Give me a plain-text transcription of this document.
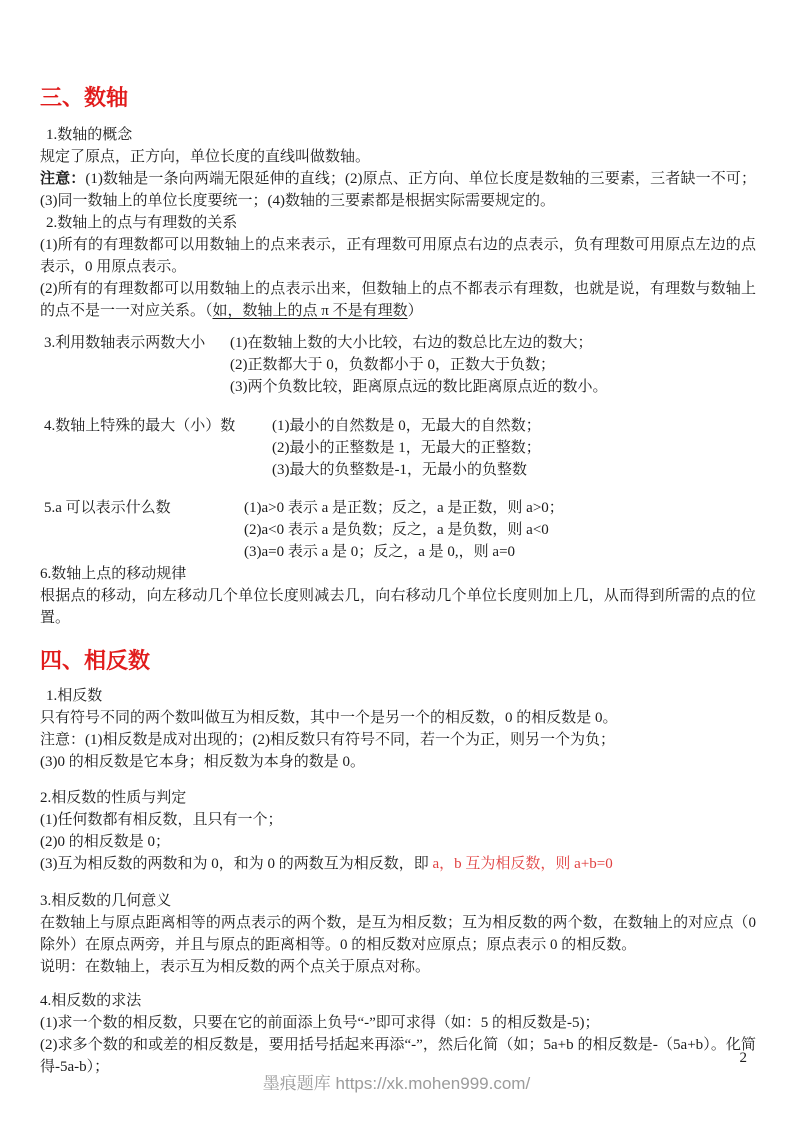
三、数轴

1.数轴的概念

规定了原点，正方向，单位长度的直线叫做数轴。

注意：(1)数轴是一条向两端无限延伸的直线；(2)原点、正方向、单位长度是数轴的三要素，三者缺一不可；(3)同一数轴上的单位长度要统一；(4)数轴的三要素都是根据实际需要规定的。

2.数轴上的点与有理数的关系

(1)所有的有理数都可以用数轴上的点来表示，正有理数可用原点右边的点表示，负有理数可用原点左边的点表示，0 用原点表示。

(2)所有的有理数都可以用数轴上的点表示出来，但数轴上的点不都表示有理数，也就是说，有理数与数轴上的点不是一一对应关系。（如，数轴上的点 π 不是有理数）

3.利用数轴表示两数大小	(1)在数轴上数的大小比较，右边的数总比左边的数大；
(2)正数都大于 0，负数都小于 0，正数大于负数；
(3)两个负数比较，距离原点远的数比距离原点近的数小。
4.数轴上特殊的最大（小）数	(1)最小的自然数是 0，无最大的自然数；
(2)最小的正整数是 1，无最大的正整数；
(3)最大的负整数是-1，无最小的负整数
5.a 可以表示什么数	(1)a>0 表示 a 是正数；反之，a 是正数，则 a>0；
(2)a<0 表示 a 是负数；反之，a 是负数，则 a<0
(3)a=0 表示 a 是 0；反之，a 是 0,，则 a=0

6.数轴上点的移动规律

根据点的移动，向左移动几个单位长度则减去几，向右移动几个单位长度则加上几，从而得到所需的点的位置。

四、相反数

1.相反数

只有符号不同的两个数叫做互为相反数，其中一个是另一个的相反数，0 的相反数是 0。

注意：(1)相反数是成对出现的；(2)相反数只有符号不同，若一个为正，则另一个为负；

(3)0 的相反数是它本身；相反数为本身的数是 0。

2.相反数的性质与判定

(1)任何数都有相反数，且只有一个；

(2)0 的相反数是 0；

(3)互为相反数的两数和为 0，和为 0 的两数互为相反数，即 a，b 互为相反数，则 a+b=0

3.相反数的几何意义

在数轴上与原点距离相等的两点表示的两个数，是互为相反数；互为相反数的两个数，在数轴上的对应点（0 除外）在原点两旁，并且与原点的距离相等。0 的相反数对应原点；原点表示 0 的相反数。

说明：在数轴上，表示互为相反数的两个点关于原点对称。

4.相反数的求法

(1)求一个数的相反数，只要在它的前面添上负号“-”即可求得（如：5 的相反数是-5)；

(2)求多个数的和或差的相反数是，要用括号括起来再添“-”，然后化简（如；5a+b 的相反数是-（5a+b）。化简得-5a-b）；

2
墨痕题库 https://xk.mohen999.com/
